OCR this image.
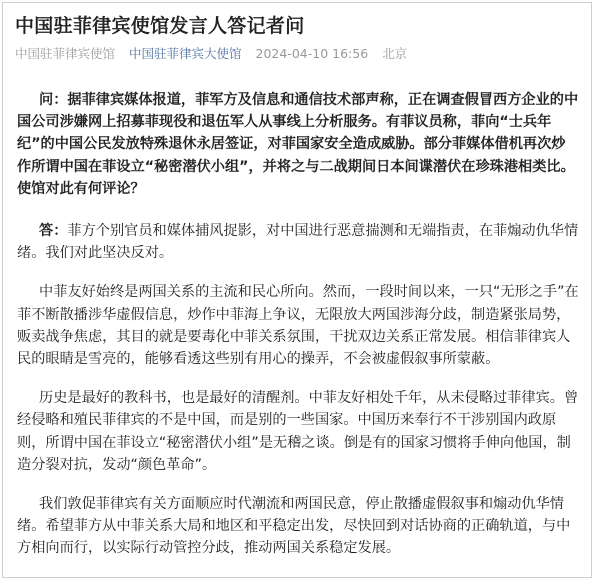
中国驻菲律宾使馆发言人答记者问
中国驻菲律宾使馆 中国驻菲律宾大使馆 2024-04-10 16:56 北京

问：据菲律宾媒体报道，菲军方及信息和通信技术部声称，正在调查假冒西方企业的中国公司涉嫌网上招募菲现役和退伍军人从事线上分析服务。有菲议员称，菲向“士兵年纪”的中国公民发放特殊退休永居签证，对菲国家安全造成威胁。部分菲媒体借机再次炒作所谓中国在菲设立“秘密潜伏小组”，并将之与二战期间日本间谍潜伏在珍珠港相类比。使馆对此有何评论？

答：菲方个别官员和媒体捕风捉影，对中国进行恶意揣测和无端指责，在菲煽动仇华情绪。我们对此坚决反对。

中菲友好始终是两国关系的主流和民心所向。然而，一段时间以来，一只“无形之手”在菲不断散播涉华虚假信息，炒作中菲海上争议，无限放大两国涉海分歧，制造紧张局势，贩卖战争焦虑，其目的就是要毒化中菲关系氛围，干扰双边关系正常发展。相信菲律宾人民的眼睛是雪亮的，能够看透这些别有用心的操弄，不会被虚假叙事所蒙蔽。

历史是最好的教科书，也是最好的清醒剂。中菲友好相处千年，从未侵略过菲律宾。曾经侵略和殖民菲律宾的不是中国，而是别的一些国家。中国历来奉行不干涉别国内政原则，所谓中国在菲设立“秘密潜伏小组”是无稽之谈。倒是有的国家习惯将手伸向他国，制造分裂对抗，发动“颜色革命”。

我们敦促菲律宾有关方面顺应时代潮流和两国民意，停止散播虚假叙事和煽动仇华情绪。希望菲方从中菲关系大局和地区和平稳定出发，尽快回到对话协商的正确轨道，与中方相向而行，以实际行动管控分歧，推动两国关系稳定发展。
